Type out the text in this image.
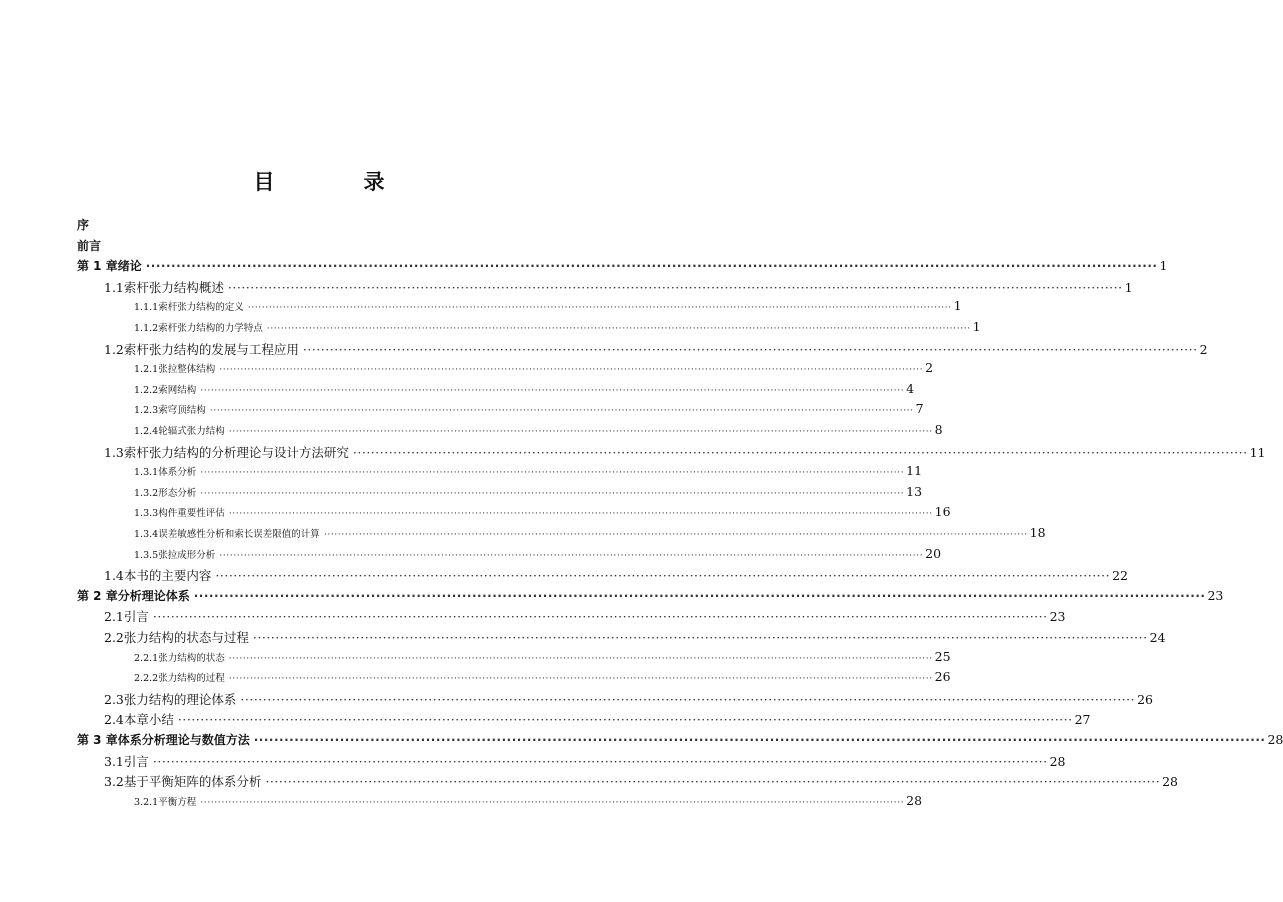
目　录
序
前言
第 1 章 绪论 ········································································································································································································ 1
1.1 索杆张力结构概述 ········································································································································································································ 1
1.1.1 索杆张力结构的定义 ········································································································································································································ 1
1.1.2 索杆张力结构的力学特点 ········································································································································································································ 1
1.2 索杆张力结构的发展与工程应用 ········································································································································································································ 2
1.2.1 张拉整体结构 ········································································································································································································ 2
1.2.2 索网结构 ········································································································································································································ 4
1.2.3 索穹顶结构 ········································································································································································································ 7
1.2.4 轮辐式张力结构 ········································································································································································································ 8
1.3 索杆张力结构的分析理论与设计方法研究 ········································································································································································································ 11
1.3.1 体系分析 ········································································································································································································ 11
1.3.2 形态分析 ········································································································································································································ 13
1.3.3 构件重要性评估 ········································································································································································································ 16
1.3.4 误差敏感性分析和索长误差限值的计算 ········································································································································································································ 18
1.3.5 张拉成形分析 ········································································································································································································ 20
1.4 本书的主要内容 ········································································································································································································ 22
第 2 章 分析理论体系 ········································································································································································································ 23
2.1 引言 ········································································································································································································ 23
2.2 张力结构的状态与过程 ········································································································································································································ 24
2.2.1 张力结构的状态 ········································································································································································································ 25
2.2.2 张力结构的过程 ········································································································································································································ 26
2.3 张力结构的理论体系 ········································································································································································································ 26
2.4 本章小结 ········································································································································································································ 27
第 3 章 体系分析理论与数值方法 ········································································································································································································ 28
3.1 引言 ········································································································································································································ 28
3.2 基于平衡矩阵的体系分析 ········································································································································································································ 28
3.2.1 平衡方程 ········································································································································································································ 28
